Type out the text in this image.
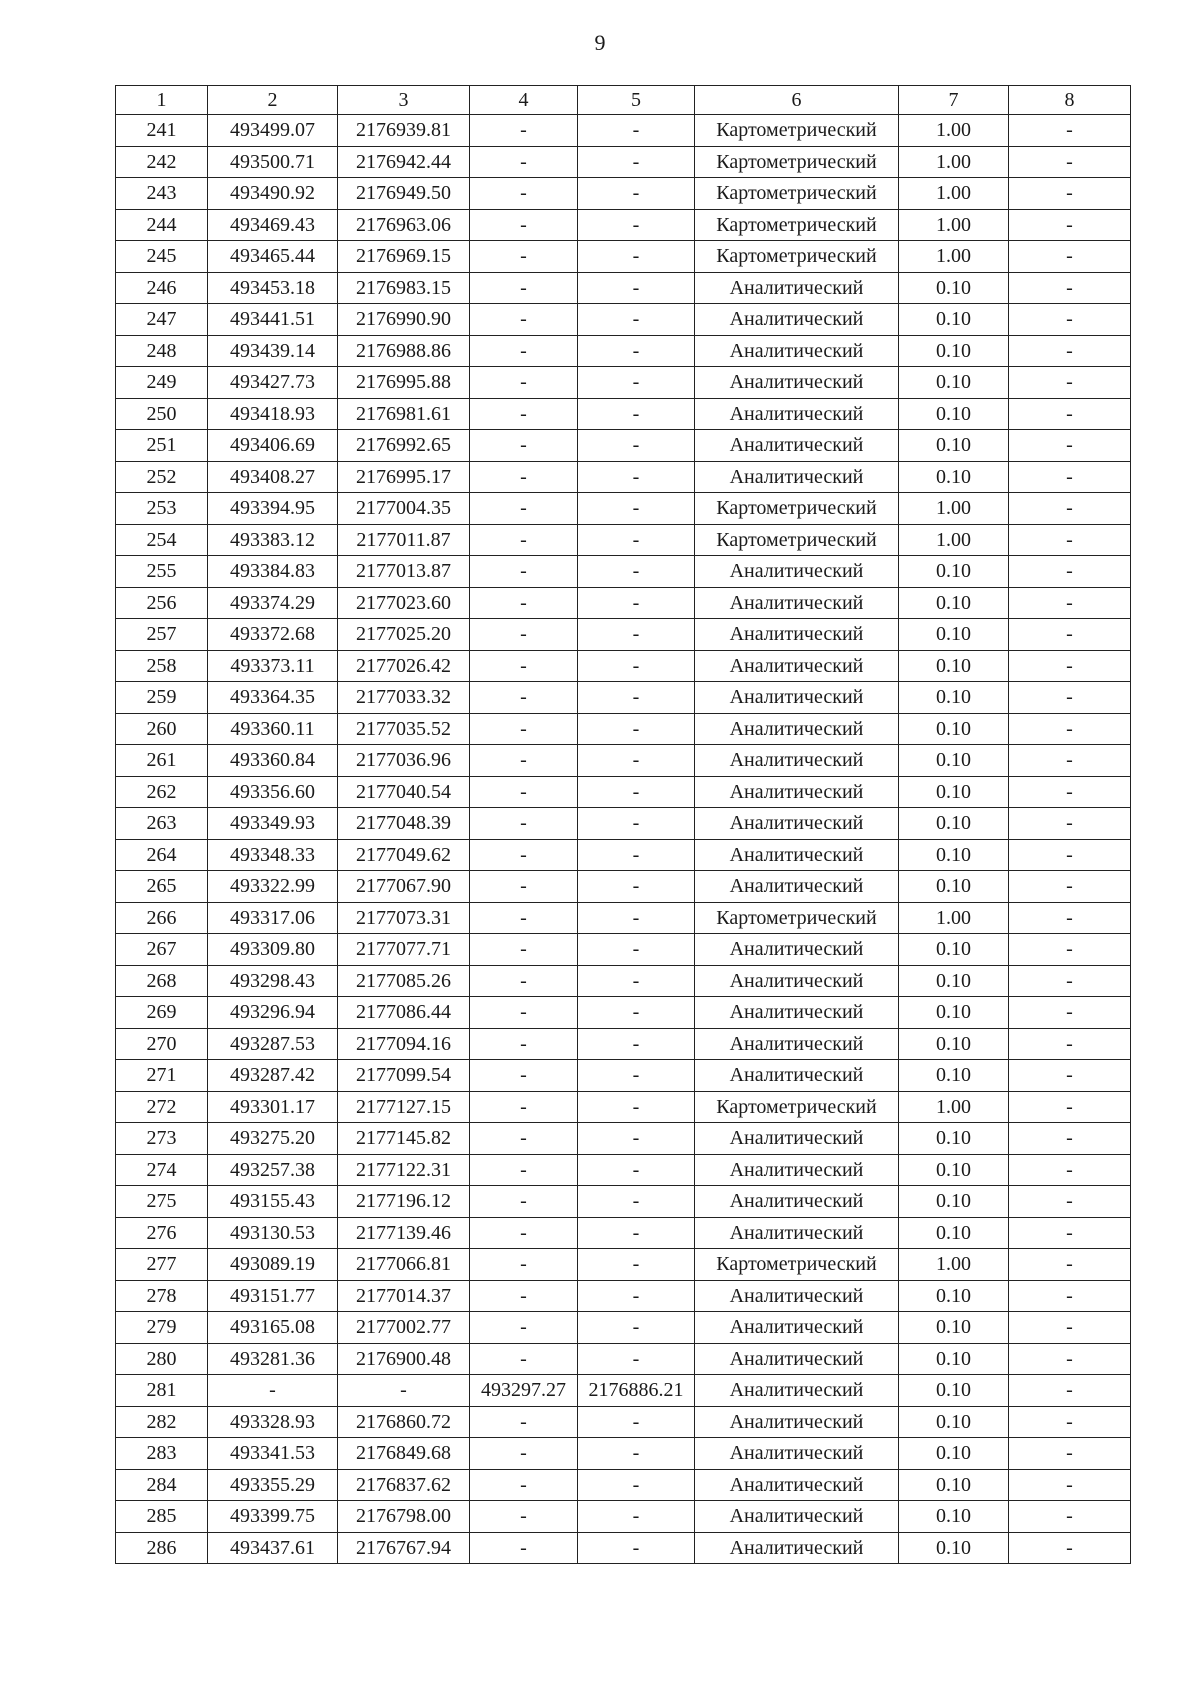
9
1	2	3	4	5	6	7	8
241	493499.07	2176939.81	-	-	Картометрический	1.00	-
242	493500.71	2176942.44	-	-	Картометрический	1.00	-
243	493490.92	2176949.50	-	-	Картометрический	1.00	-
244	493469.43	2176963.06	-	-	Картометрический	1.00	-
245	493465.44	2176969.15	-	-	Картометрический	1.00	-
246	493453.18	2176983.15	-	-	Аналитический	0.10	-
247	493441.51	2176990.90	-	-	Аналитический	0.10	-
248	493439.14	2176988.86	-	-	Аналитический	0.10	-
249	493427.73	2176995.88	-	-	Аналитический	0.10	-
250	493418.93	2176981.61	-	-	Аналитический	0.10	-
251	493406.69	2176992.65	-	-	Аналитический	0.10	-
252	493408.27	2176995.17	-	-	Аналитический	0.10	-
253	493394.95	2177004.35	-	-	Картометрический	1.00	-
254	493383.12	2177011.87	-	-	Картометрический	1.00	-
255	493384.83	2177013.87	-	-	Аналитический	0.10	-
256	493374.29	2177023.60	-	-	Аналитический	0.10	-
257	493372.68	2177025.20	-	-	Аналитический	0.10	-
258	493373.11	2177026.42	-	-	Аналитический	0.10	-
259	493364.35	2177033.32	-	-	Аналитический	0.10	-
260	493360.11	2177035.52	-	-	Аналитический	0.10	-
261	493360.84	2177036.96	-	-	Аналитический	0.10	-
262	493356.60	2177040.54	-	-	Аналитический	0.10	-
263	493349.93	2177048.39	-	-	Аналитический	0.10	-
264	493348.33	2177049.62	-	-	Аналитический	0.10	-
265	493322.99	2177067.90	-	-	Аналитический	0.10	-
266	493317.06	2177073.31	-	-	Картометрический	1.00	-
267	493309.80	2177077.71	-	-	Аналитический	0.10	-
268	493298.43	2177085.26	-	-	Аналитический	0.10	-
269	493296.94	2177086.44	-	-	Аналитический	0.10	-
270	493287.53	2177094.16	-	-	Аналитический	0.10	-
271	493287.42	2177099.54	-	-	Аналитический	0.10	-
272	493301.17	2177127.15	-	-	Картометрический	1.00	-
273	493275.20	2177145.82	-	-	Аналитический	0.10	-
274	493257.38	2177122.31	-	-	Аналитический	0.10	-
275	493155.43	2177196.12	-	-	Аналитический	0.10	-
276	493130.53	2177139.46	-	-	Аналитический	0.10	-
277	493089.19	2177066.81	-	-	Картометрический	1.00	-
278	493151.77	2177014.37	-	-	Аналитический	0.10	-
279	493165.08	2177002.77	-	-	Аналитический	0.10	-
280	493281.36	2176900.48	-	-	Аналитический	0.10	-
281	-	-	493297.27	2176886.21	Аналитический	0.10	-
282	493328.93	2176860.72	-	-	Аналитический	0.10	-
283	493341.53	2176849.68	-	-	Аналитический	0.10	-
284	493355.29	2176837.62	-	-	Аналитический	0.10	-
285	493399.75	2176798.00	-	-	Аналитический	0.10	-
286	493437.61	2176767.94	-	-	Аналитический	0.10	-
